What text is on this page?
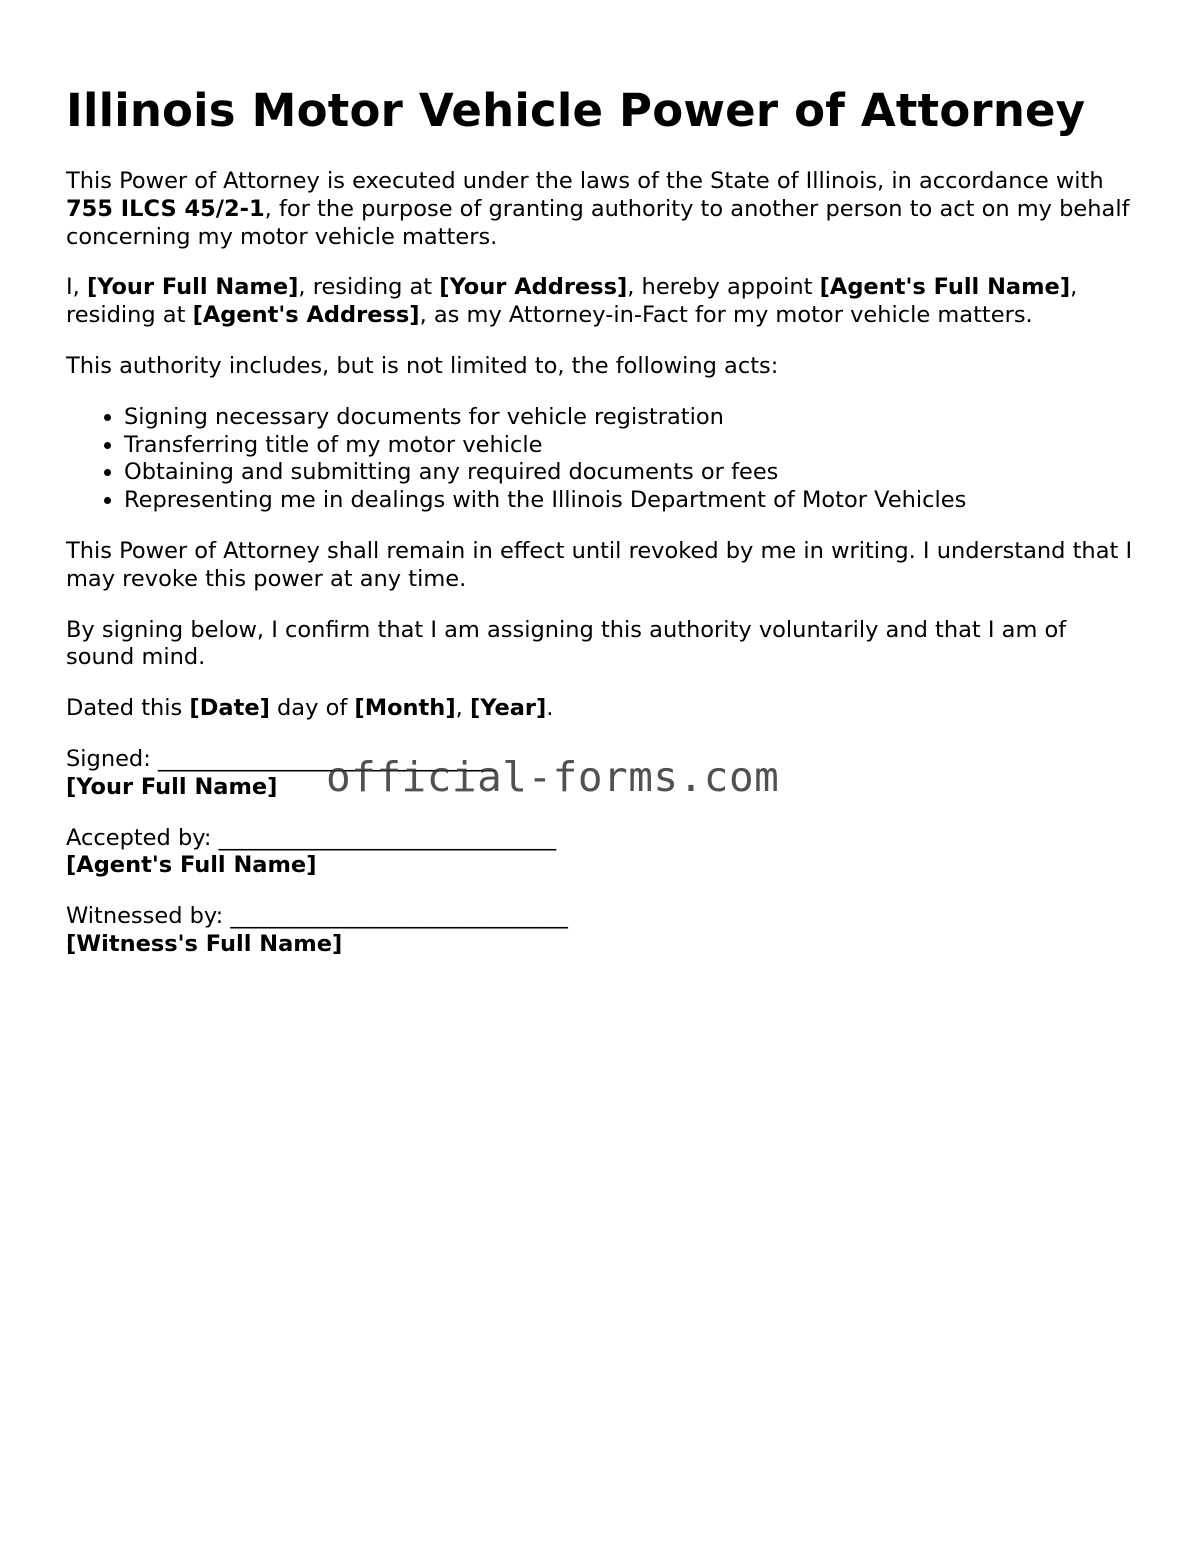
Illinois Motor Vehicle Power of Attorney

This Power of Attorney is executed under the laws of the State of Illinois, in accordance with 755 ILCS 45/2-1, for the purpose of granting authority to another person to act on my behalf concerning my motor vehicle matters.

I, [Your Full Name], residing at [Your Address], hereby appoint [Agent's Full Name], residing at [Agent's Address], as my Attorney-in-Fact for my motor vehicle matters.

This authority includes, but is not limited to, the following acts:

• Signing necessary documents for vehicle registration
• Transferring title of my motor vehicle
• Obtaining and submitting any required documents or fees
• Representing me in dealings with the Illinois Department of Motor Vehicles

This Power of Attorney shall remain in effect until revoked by me in writing. I understand that I may revoke this power at any time.

By signing below, I confirm that I am assigning this authority voluntarily and that I am of sound mind.

Dated this [Date] day of [Month], [Year].

Signed: ______________________________
[Your Full Name]
Accepted by: ______________________________
[Agent's Full Name]
Witnessed by: ______________________________
[Witness's Full Name]
official-forms.com
